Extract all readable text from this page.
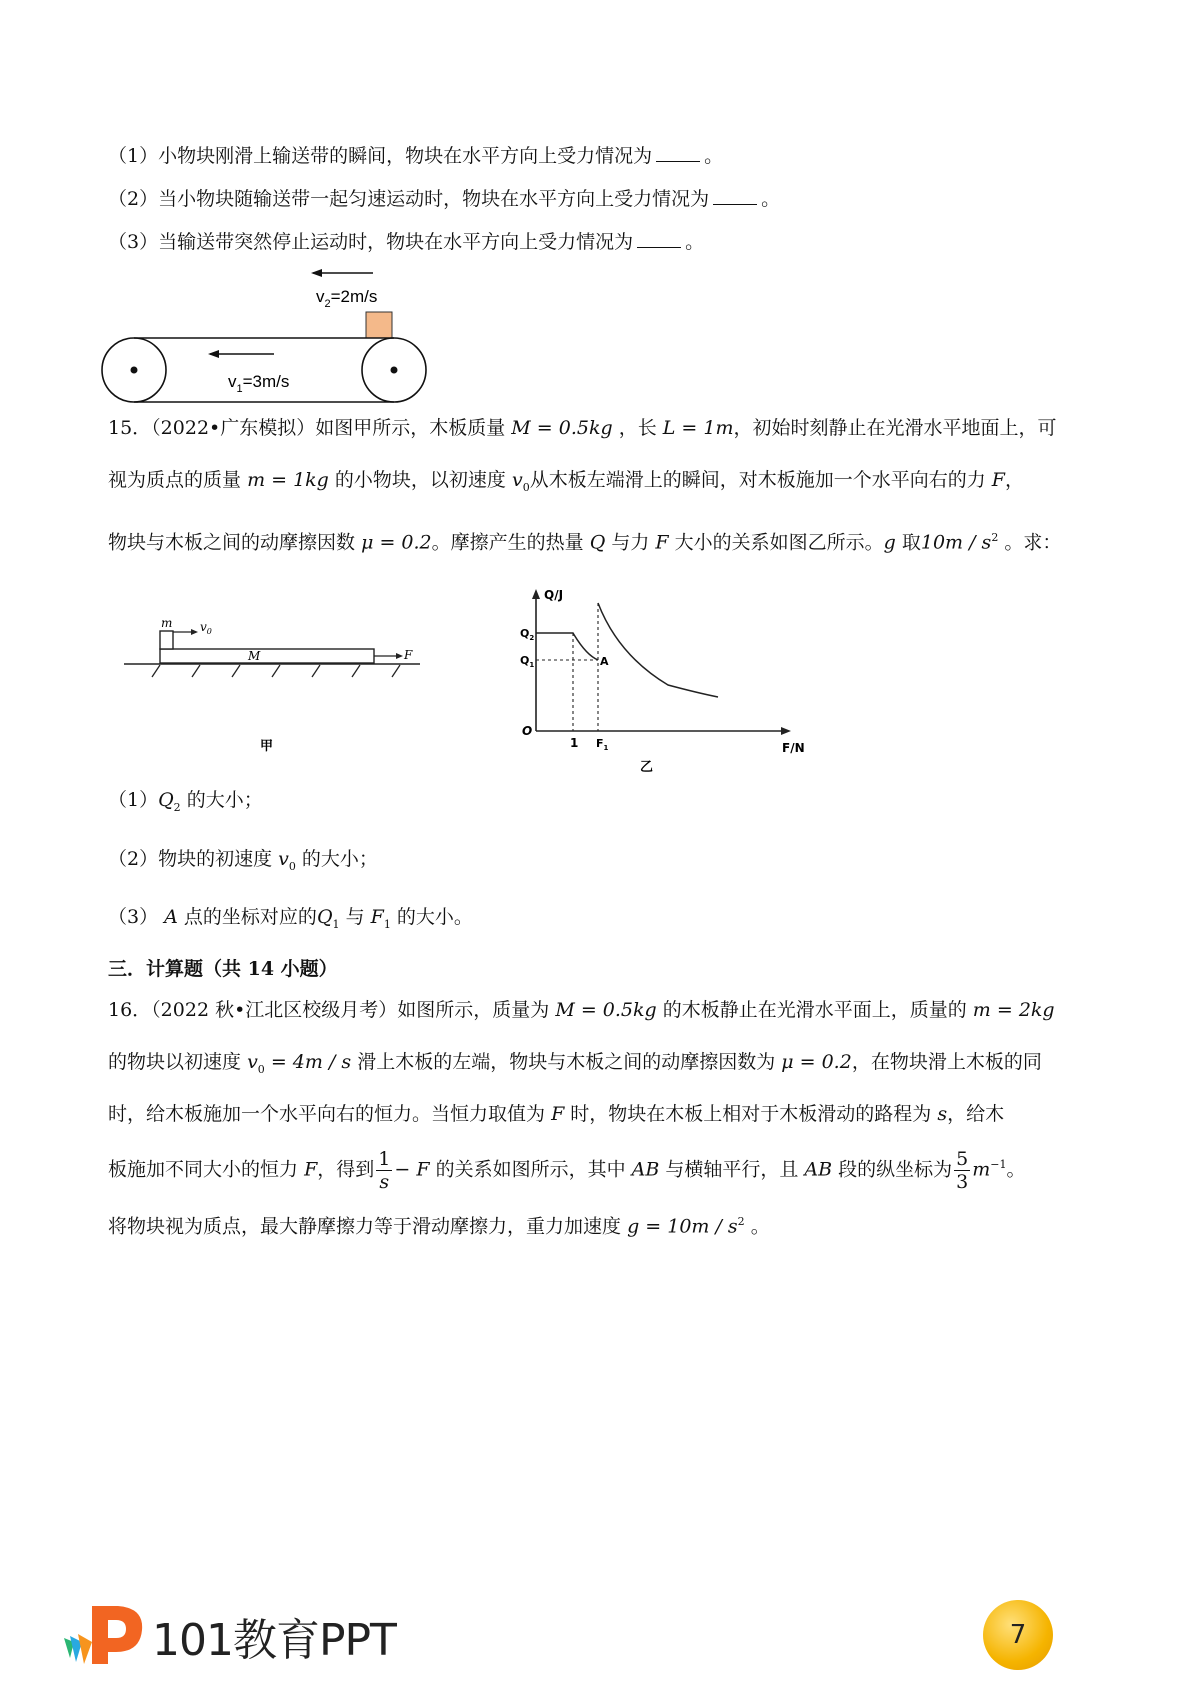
（1）小物块刚滑上输送带的瞬间，物块在水平方向上受力情况为	。
（2）当小物块随输送带一起匀速运动时，物块在水平方向上受力情况为	。
（3）当输送带突然停止运动时，物块在水平方向上受力情况为	。
$v_2=2m/s$
$v_1=3m/s$
15．（2022•广东模拟）如图甲所示，木板质量 M = 0.5kg ，长 L = 1m，初始时刻静止在光滑水平地面上，可
视为质点的质量 m = 1kg 的小物块，以初速度 $v_0$从木板左端滑上的瞬间，对木板施加一个水平向右的力 F，
物块与木板之间的动摩擦因数 μ = 0.2。摩擦产生的热量 Q 与力 F 大小的关系如图乙所示。g 取$10m / s^2$ 。求：
m $v_0$
M	F
甲
Q/J
F/N
$Q_2$
$Q_1$
O
1 $F_1$
A
乙
$(1)Q_2$ 的大小；
（2）物块的初速度 $v_0$ 的大小；
（3） A 点的坐标对应的$Q_1$ 与 $F_1$ 的大小。
三．计算题（共 14 小题）
16．（2022 秋•江北区校级月考）如图所示，质量为 M = 0.5kg 的木板静止在光滑水平面上，质量的 m = 2kg
的物块以初速度 $v_0 = 4m / s$ 滑上木板的左端，物块与木板之间的动摩擦因数为 μ = 0.2，在物块滑上木板的同
时，给木板施加一个水平向右的恒力。当恒力取值为 F 时，物块在木板上相对于木板滑动的路程为 s，给木
板施加不同大小的恒力 F，得到 $\frac{1}{s} - F$ 的关系如图所示，其中 AB 与横轴平行，且 AB 段的纵坐标为 $\frac{5}{3} m^{-1}$。
将物块视为质点，最大静摩擦力等于滑动摩擦力，重力加速度 $g = 10m / s^2$ 。
101教育PPT	7
